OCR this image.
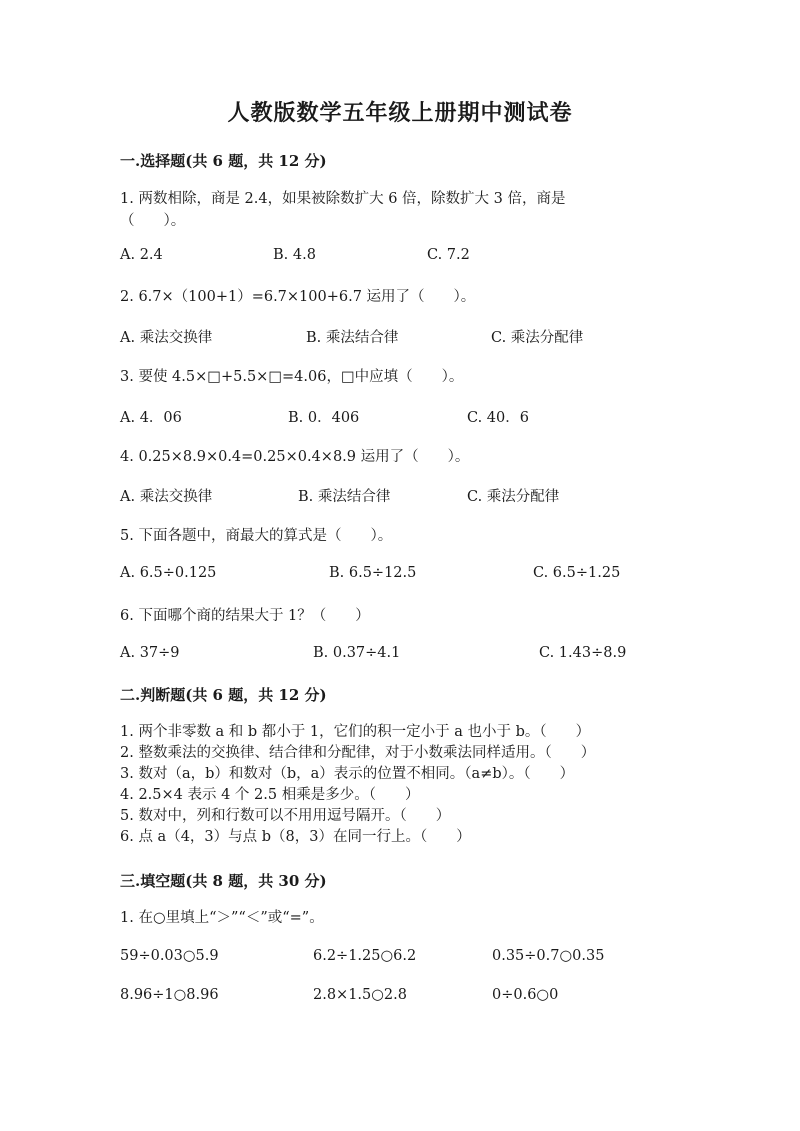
人教版数学五年级上册期中测试卷
一.选择题(共 6 题，共 12 分)
1. 两数相除，商是 2.4，如果被除数扩大 6 倍，除数扩大 3 倍，商是
（　　）。
A. 2.4	B. 4.8	C. 7.2
2. 6.7×（100+1）=6.7×100+6.7 运用了（　　）。
A. 乘法交换律	B. 乘法结合律	C. 乘法分配律
3. 要使 4.5×□+5.5×□=4.06，□中应填（　　）。
A. 4．06	B. 0．406	C. 40．6
4. 0.25×8.9×0.4=0.25×0.4×8.9 运用了（　　）。
A. 乘法交换律	B. 乘法结合律	C. 乘法分配律
5. 下面各题中，商最大的算式是（　　）。
A. 6.5÷0.125	B. 6.5÷12.5	C. 6.5÷1.25
6. 下面哪个商的结果大于 1？（　　）
A. 37÷9	B. 0.37÷4.1	C. 1.43÷8.9
二.判断题(共 6 题，共 12 分)
1. 两个非零数 a 和 b 都小于 1，它们的积一定小于 a 也小于 b。（　　）
2. 整数乘法的交换律、结合律和分配律，对于小数乘法同样适用。（　　）
3. 数对（a，b）和数对（b，a）表示的位置不相同。（a≠b）。（　　）
4. 2.5×4 表示 4 个 2.5 相乘是多少。（　　）
5. 数对中，列和行数可以不用用逗号隔开。（　　）
6. 点 a（4，3）与点 b（8，3）在同一行上。（　　）
三.填空题(共 8 题，共 30 分)
1. 在○里填上“＞”“＜”或“=”。
59÷0.03○5.9	6.2÷1.25○6.2	0.35÷0.7○0.35
8.96÷1○8.96	2.8×1.5○2.8	0÷0.6○0
